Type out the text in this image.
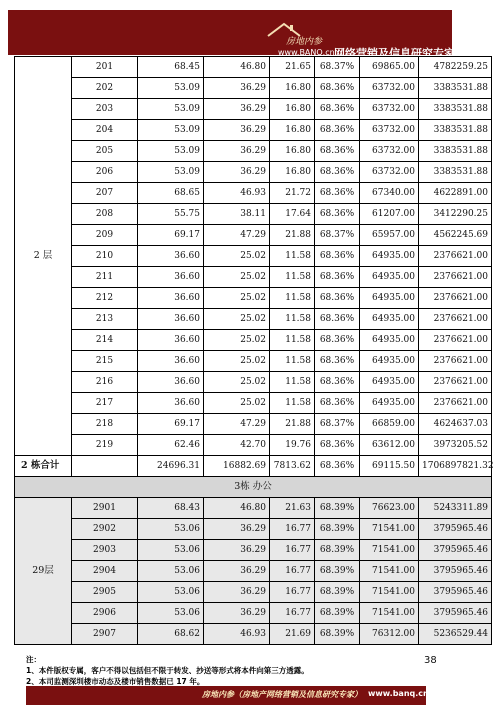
房地内参
www.BANQ.cn 网络营销及信息研究专家
2 层	201	68.45	46.80	21.65	68.37%	69865.00	4782259.25
	202	53.09	36.29	16.80	68.36%	63732.00	3383531.88
	203	53.09	36.29	16.80	68.36%	63732.00	3383531.88
	204	53.09	36.29	16.80	68.36%	63732.00	3383531.88
	205	53.09	36.29	16.80	68.36%	63732.00	3383531.88
	206	53.09	36.29	16.80	68.36%	63732.00	3383531.88
	207	68.65	46.93	21.72	68.36%	67340.00	4622891.00
	208	55.75	38.11	17.64	68.36%	61207.00	3412290.25
	209	69.17	47.29	21.88	68.37%	65957.00	4562245.69
	210	36.60	25.02	11.58	68.36%	64935.00	2376621.00
	211	36.60	25.02	11.58	68.36%	64935.00	2376621.00
	212	36.60	25.02	11.58	68.36%	64935.00	2376621.00
	213	36.60	25.02	11.58	68.36%	64935.00	2376621.00
	214	36.60	25.02	11.58	68.36%	64935.00	2376621.00
	215	36.60	25.02	11.58	68.36%	64935.00	2376621.00
	216	36.60	25.02	11.58	68.36%	64935.00	2376621.00
	217	36.60	25.02	11.58	68.36%	64935.00	2376621.00
	218	69.17	47.29	21.88	68.37%	66859.00	4624637.03
	219	62.46	42.70	19.76	68.36%	63612.00	3973205.52
2 栋合计		24696.31	16882.69	7813.62	68.36%	69115.50	1706897821.32
3栋 办公							
29层	2901	68.43	46.80	21.63	68.39%	76623.00	5243311.89
	2902	53.06	36.29	16.77	68.39%	71541.00	3795965.46
	2903	53.06	36.29	16.77	68.39%	71541.00	3795965.46
	2904	53.06	36.29	16.77	68.39%	71541.00	3795965.46
	2905	53.06	36.29	16.77	68.39%	71541.00	3795965.46
	2906	53.06	36.29	16.77	68.39%	71541.00	3795965.46
	2907	68.62	46.93	21.69	68.39%	76312.00	5236529.44
注：
1、本件版权专属，客户不得以包括但不限于转发、抄送等形式将本件向第三方透露。
2、本司监测深圳楼市动态及楼市销售数据已 17 年。
38
房地内参（房地产网络营销及信息研究专家） www.banq.cn
